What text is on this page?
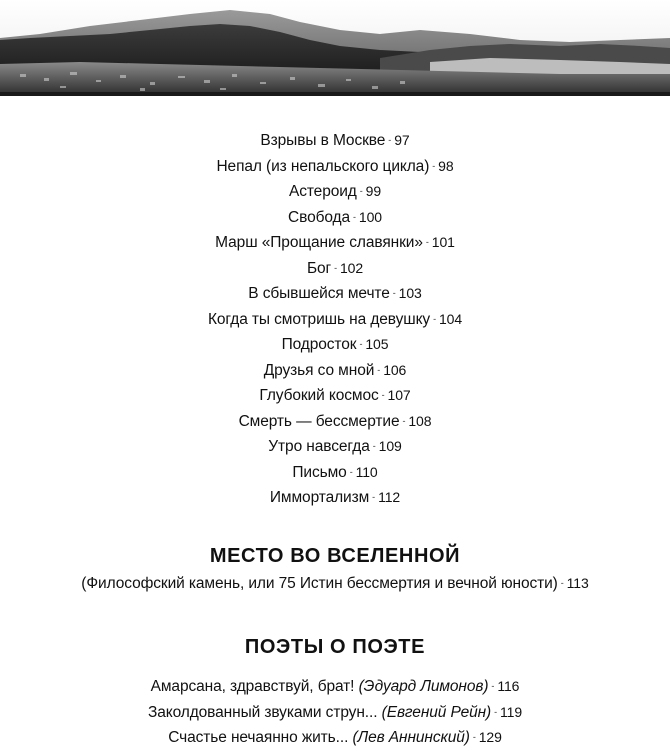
Взрывы в Москве - 97
Непал (из непальского цикла) - 98
Астероид - 99
Свобода - 100
Марш «Прощание славянки» - 101
Бог - 102
В сбывшейся мечте - 103
Когда ты смотришь на девушку - 104
Подросток - 105
Друзья со мной - 106
Глубокий космос - 107
Смерть — бессмертие - 108
Утро навсегда - 109
Письмо - 110
Иммортализм - 112
МЕСТО ВО ВСЕЛЕННОЙ
(Философский камень, или 75 Истин бессмертия и вечной юности) - 113
ПОЭТЫ О ПОЭТЕ
Амарсана, здравствуй, брат! (Эдуард Лимонов) - 116
Заколдованный звуками струн... (Евгений Рейн) - 119
Счастье нечаянно жить... (Лев Аннинский) - 129
